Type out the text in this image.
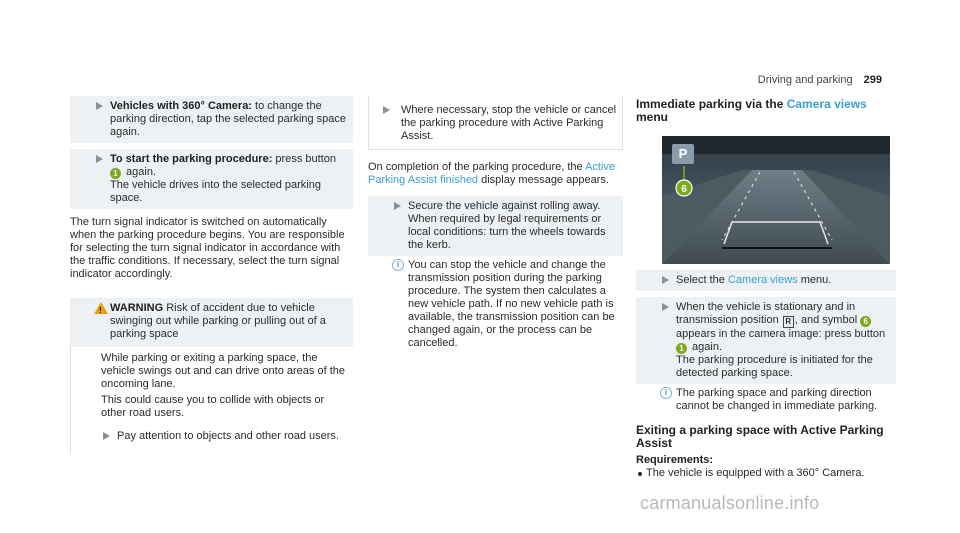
Driving and parking 299
Vehicles with 360° Camera: to change the parking direction, tap the selected parking space again.
To start the parking procedure: press button
1 again.
The vehicle drives into the selected parking space.
The turn signal indicator is switched on automatically when the parking procedure begins. You are responsible for selecting the turn signal indicator in accordance with the traffic conditions. If necessary, select the turn signal indicator accordingly.
! WARNING Risk of accident due to vehicle swinging out while parking or pulling out of a parking space
While parking or exiting a parking space, the vehicle swings out and can drive onto areas of the oncoming lane.
This could cause you to collide with objects or other road users.
Pay attention to objects and other road users.
Where necessary, stop the vehicle or cancel the parking procedure with Active Parking Assist.
On completion of the parking procedure, the Active Parking Assist finished display message appears.
Secure the vehicle against rolling away. When required by legal requirements or local conditions: turn the wheels towards the kerb.
i You can stop the vehicle and change the transmission position during the parking procedure. The system then calculates a new vehicle path. If no new vehicle path is available, the transmission position can be changed again, or the process can be cancelled.
Immediate parking via the Camera views menu
6
P
Select the Camera views menu.
When the vehicle is stationary and in transmission position R , and symbol 6 appears in the camera image: press button 1 again.
The parking procedure is initiated for the detected parking space.
i The parking space and parking direction cannot be changed in immediate parking.
Exiting a parking space with Active Parking Assist
Requirements:
The vehicle is equipped with a 360° Camera.
carmanualsonline.info
